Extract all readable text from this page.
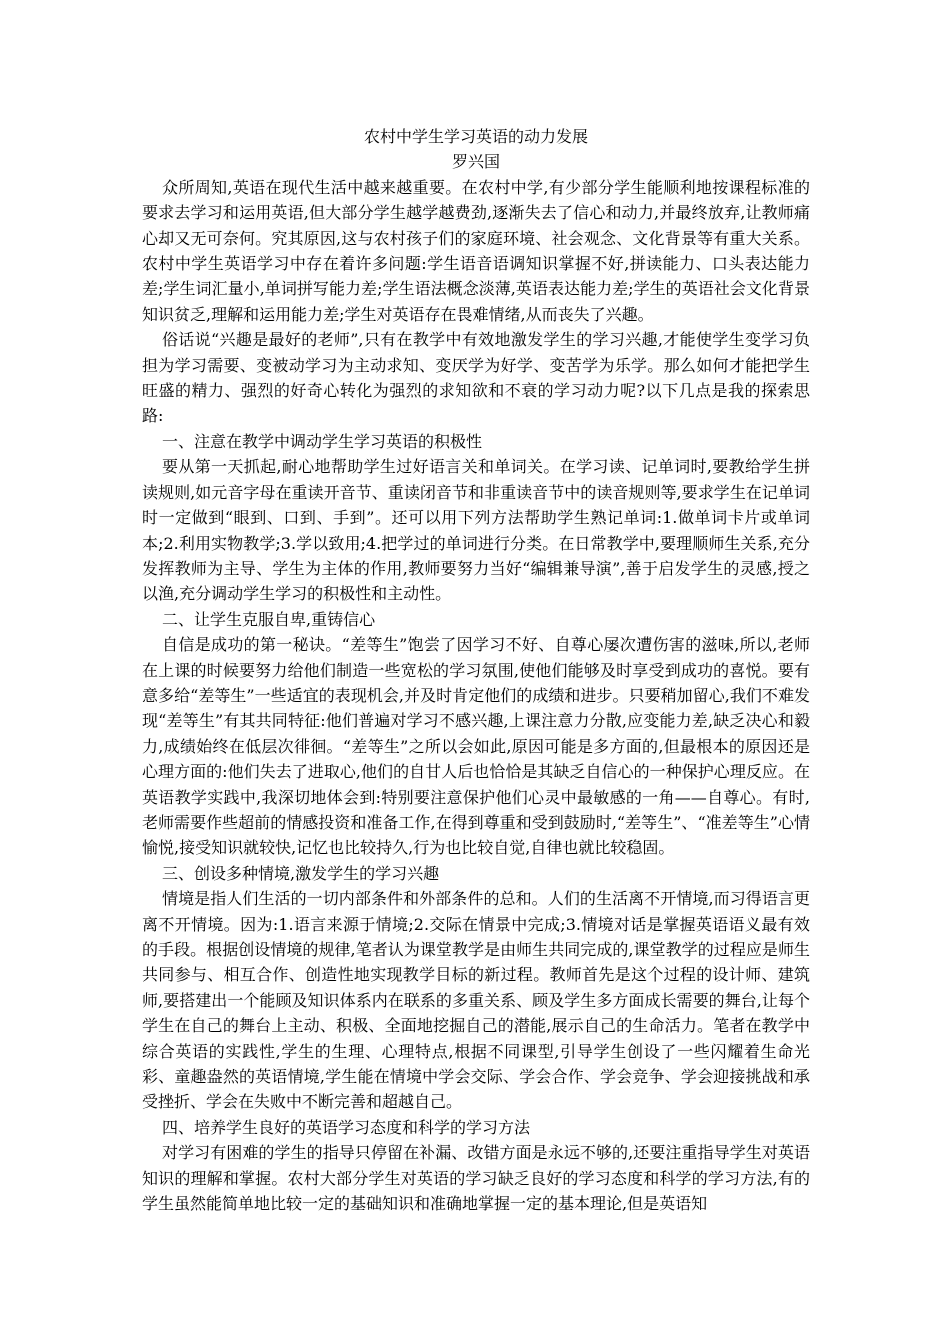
农村中学生学习英语的动力发展

罗兴国

众所周知,英语在现代生活中越来越重要。在农村中学,有少部分学生能顺利地按课程标准的要求去学习和运用英语,但大部分学生越学越费劲,逐渐失去了信心和动力,并最终放弃,让教师痛心却又无可奈何。究其原因,这与农村孩子们的家庭环境、社会观念、文化背景等有重大关系。农村中学生英语学习中存在着许多问题:学生语音语调知识掌握不好,拼读能力、口头表达能力差;学生词汇量小,单词拼写能力差;学生语法概念淡薄,英语表达能力差;学生的英语社会文化背景知识贫乏,理解和运用能力差;学生对英语存在畏难情绪,从而丧失了兴趣。

俗话说“兴趣是最好的老师”,只有在教学中有效地激发学生的学习兴趣,才能使学生变学习负担为学习需要、变被动学习为主动求知、变厌学为好学、变苦学为乐学。那么如何才能把学生旺盛的精力、强烈的好奇心转化为强烈的求知欲和不衰的学习动力呢?以下几点是我的探索思路:

一、注意在教学中调动学生学习英语的积极性

要从第一天抓起,耐心地帮助学生过好语言关和单词关。在学习读、记单词时,要教给学生拼读规则,如元音字母在重读开音节、重读闭音节和非重读音节中的读音规则等,要求学生在记单词时一定做到“眼到、口到、手到”。还可以用下列方法帮助学生熟记单词:1.做单词卡片或单词本;2.利用实物教学;3.学以致用;4.把学过的单词进行分类。在日常教学中,要理顺师生关系,充分发挥教师为主导、学生为主体的作用,教师要努力当好“编辑兼导演”,善于启发学生的灵感,授之以渔,充分调动学生学习的积极性和主动性。

二、让学生克服自卑,重铸信心

自信是成功的第一秘诀。“差等生”饱尝了因学习不好、自尊心屡次遭伤害的滋味,所以,老师在上课的时候要努力给他们制造一些宽松的学习氛围,使他们能够及时享受到成功的喜悦。要有意多给“差等生”一些适宜的表现机会,并及时肯定他们的成绩和进步。只要稍加留心,我们不难发现“差等生”有其共同特征:他们普遍对学习不感兴趣,上课注意力分散,应变能力差,缺乏决心和毅力,成绩始终在低层次徘徊。“差等生”之所以会如此,原因可能是多方面的,但最根本的原因还是心理方面的:他们失去了进取心,他们的自甘人后也恰恰是其缺乏自信心的一种保护心理反应。在英语教学实践中,我深切地体会到:特别要注意保护他们心灵中最敏感的一角——自尊心。有时,老师需要作些超前的情感投资和准备工作,在得到尊重和受到鼓励时,“差等生”、“准差等生”心情愉悦,接受知识就较快,记忆也比较持久,行为也比较自觉,自律也就比较稳固。

三、创设多种情境,激发学生的学习兴趣

情境是指人们生活的一切内部条件和外部条件的总和。人们的生活离不开情境,而习得语言更离不开情境。因为:1.语言来源于情境;2.交际在情景中完成;3.情境对话是掌握英语语义最有效的手段。根据创设情境的规律,笔者认为课堂教学是由师生共同完成的,课堂教学的过程应是师生共同参与、相互合作、创造性地实现教学目标的新过程。教师首先是这个过程的设计师、建筑师,要搭建出一个能顾及知识体系内在联系的多重关系、顾及学生多方面成长需要的舞台,让每个学生在自己的舞台上主动、积极、全面地挖掘自己的潜能,展示自己的生命活力。笔者在教学中综合英语的实践性,学生的生理、心理特点,根据不同课型,引导学生创设了一些闪耀着生命光彩、童趣盎然的英语情境,学生能在情境中学会交际、学会合作、学会竞争、学会迎接挑战和承受挫折、学会在失败中不断完善和超越自己。

四、培养学生良好的英语学习态度和科学的学习方法

对学习有困难的学生的指导只停留在补漏、改错方面是永远不够的,还要注重指导学生对英语知识的理解和掌握。农村大部分学生对英语的学习缺乏良好的学习态度和科学的学习方法,有的学生虽然能简单地比较一定的基础知识和准确地掌握一定的基本理论,但是英语知
